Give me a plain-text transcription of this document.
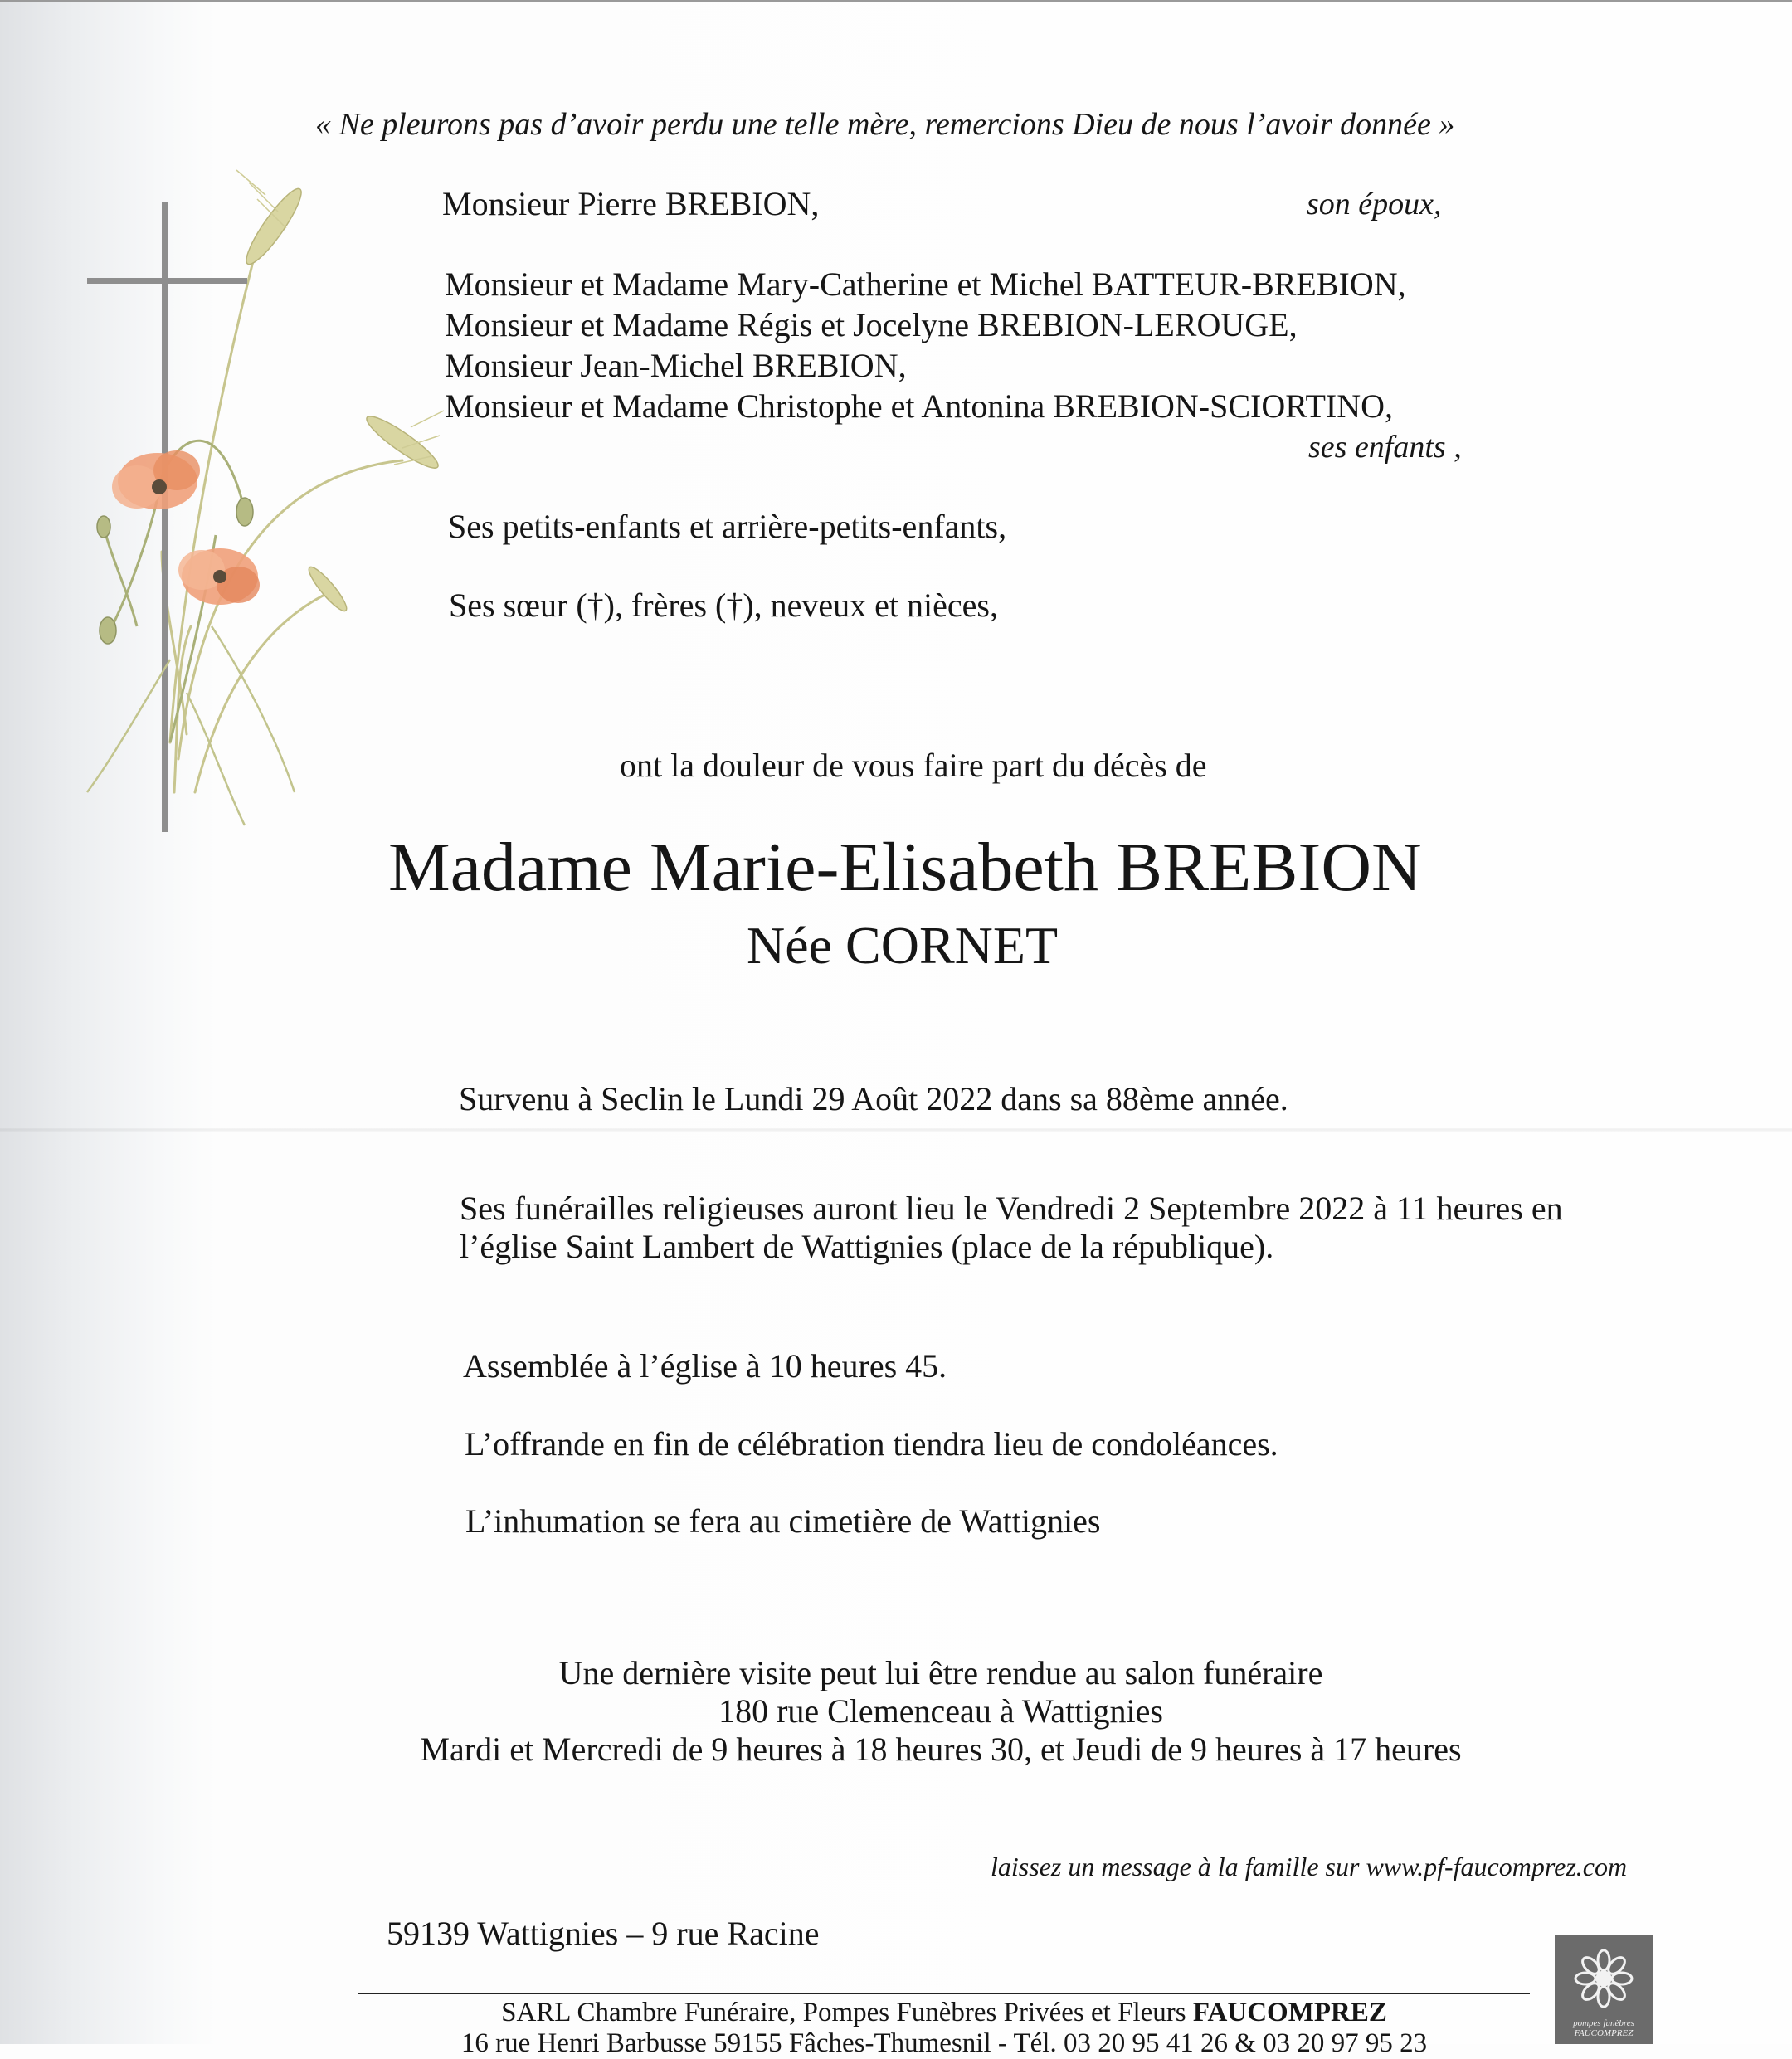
« Ne pleurons pas d’avoir perdu une telle mère, remercions Dieu de nous l’avoir donnée »
Monsieur Pierre BREBION,	son époux,
Monsieur et Madame Mary-Catherine et Michel BATTEUR-BREBION,
Monsieur et Madame Régis et Jocelyne BREBION-LEROUGE,
Monsieur Jean-Michel BREBION,
Monsieur et Madame Christophe et Antonina BREBION-SCIORTINO,
ses enfants ,
Ses petits-enfants et arrière-petits-enfants,
Ses sœur (†), frères (†), neveux et nièces,
ont la douleur de vous faire part du décès de
Madame Marie-Elisabeth BREBION
Née CORNET
Survenu à Seclin le Lundi 29 Août 2022 dans sa 88ème année.
Ses funérailles religieuses auront lieu le Vendredi 2 Septembre 2022 à 11 heures en
l’église Saint Lambert de Wattignies (place de la république).
Assemblée à l’église à 10 heures 45.
L’offrande en fin de célébration tiendra lieu de condoléances.
L’inhumation se fera au cimetière de Wattignies
Une dernière visite peut lui être rendue au salon funéraire
180 rue Clemenceau à Wattignies
Mardi et Mercredi de 9 heures à 18 heures 30, et Jeudi de 9 heures à 17 heures
laissez un message à la famille sur www.pf-faucomprez.com
59139 Wattignies – 9 rue Racine
SARL Chambre Funéraire, Pompes Funèbres Privées et Fleurs FAUCOMPREZ
16 rue Henri Barbusse 59155 Fâches-Thumesnil - Tél. 03 20 95 41 26 & 03 20 97 95 23
pompes funèbres
FAUCOMPREZ
